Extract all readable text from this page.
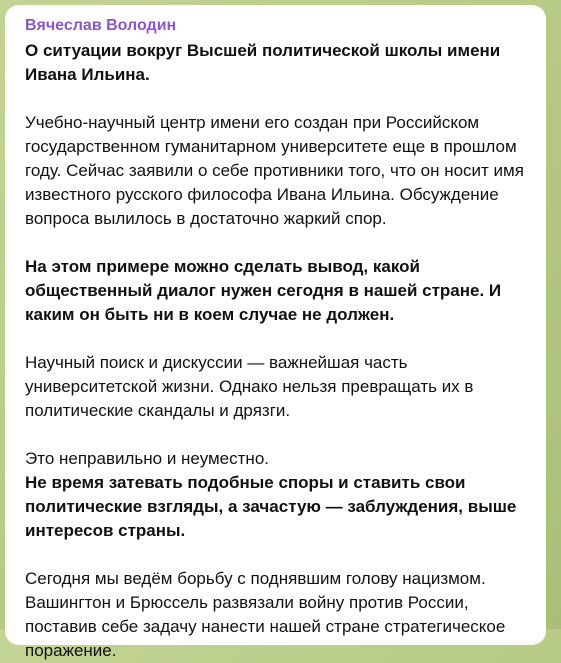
Вячеслав Володин

О ситуации вокруг Высшей политической школы имени Ивана Ильина.

Учебно-научный центр имени его создан при Российском государственном гуманитарном университете еще в прошлом году. Сейчас заявили о себе противники того, что он носит имя известного русского философа Ивана Ильина. Обсуждение вопроса вылилось в достаточно жаркий спор.

На этом примере можно сделать вывод, какой общественный диалог нужен сегодня в нашей стране. И каким он быть ни в коем случае не должен.

Научный поиск и дискуссии — важнейшая часть университетской жизни. Однако нельзя превращать их в политические скандалы и дрязги.

Это неправильно и неуместно.

Не время затевать подобные споры и ставить свои политические взгляды, а зачастую — заблуждения, выше интересов страны.

Сегодня мы ведём борьбу с поднявшим голову нацизмом. Вашингтон и Брюссель развязали войну против России, поставив себе задачу нанести нашей стране стратегическое поражение.
